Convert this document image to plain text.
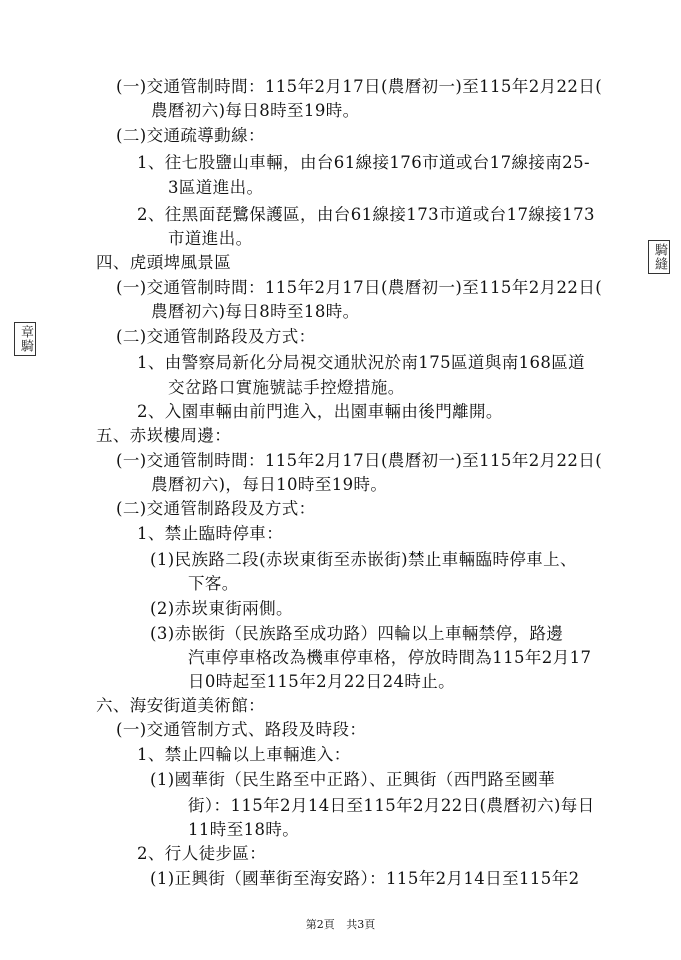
(一)交通管制時間：115年2月17日(農曆初一)至115年2月22日(
農曆初六)每日8時至19時。
(二)交通疏導動線：
1、往七股鹽山車輛，由台61線接176市道或台17線接南25-
3區道進出。
2、往黑面琵鷺保護區，由台61線接173市道或台17線接173
市道進出。
四、虎頭埤風景區
(一)交通管制時間：115年2月17日(農曆初一)至115年2月22日(
農曆初六)每日8時至18時。
(二)交通管制路段及方式：
1、由警察局新化分局視交通狀況於南175區道與南168區道
交岔路口實施號誌手控燈措施。
2、入園車輛由前門進入，出園車輛由後門離開。
五、赤崁樓周邊：
(一)交通管制時間：115年2月17日(農曆初一)至115年2月22日(
農曆初六)，每日10時至19時。
(二)交通管制路段及方式：
1、禁止臨時停車：
(1)民族路二段(赤崁東街至赤嵌街)禁止車輛臨時停車上、
下客。
(2)赤崁東街兩側。
(3)赤嵌街（民族路至成功路）四輪以上車輛禁停，路邊
汽車停車格改為機車停車格，停放時間為115年2月17
日0時起至115年2月22日24時止。
六、海安街道美術館：
(一)交通管制方式、路段及時段：
1、禁止四輪以上車輛進入：
(1)國華街（民生路至中正路）、正興街（西門路至國華
街）：115年2月14日至115年2月22日(農曆初六)每日
11時至18時。
2、行人徒步區：
(1)正興街（國華街至海安路）：115年2月14日至115年2
騎縫
章騎
第2頁 共3頁
